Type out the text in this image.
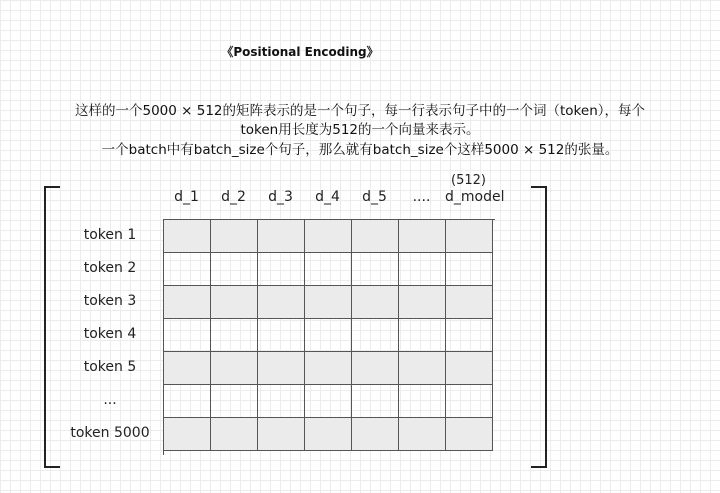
《Positional Encoding》
这样的一个5000 × 512的矩阵表示的是一个句子，每一行表示句子中的一个词（token），每个
token用长度为512的一个向量来表示。
一个batch中有batch_size个句子，那么就有batch_size个这样5000 × 512的张量。
d_1	d_2	d_3	d_4	d_5	....	d_model
(512)
token 1
token 2
token 3
token 4
token 5
...
token 5000
